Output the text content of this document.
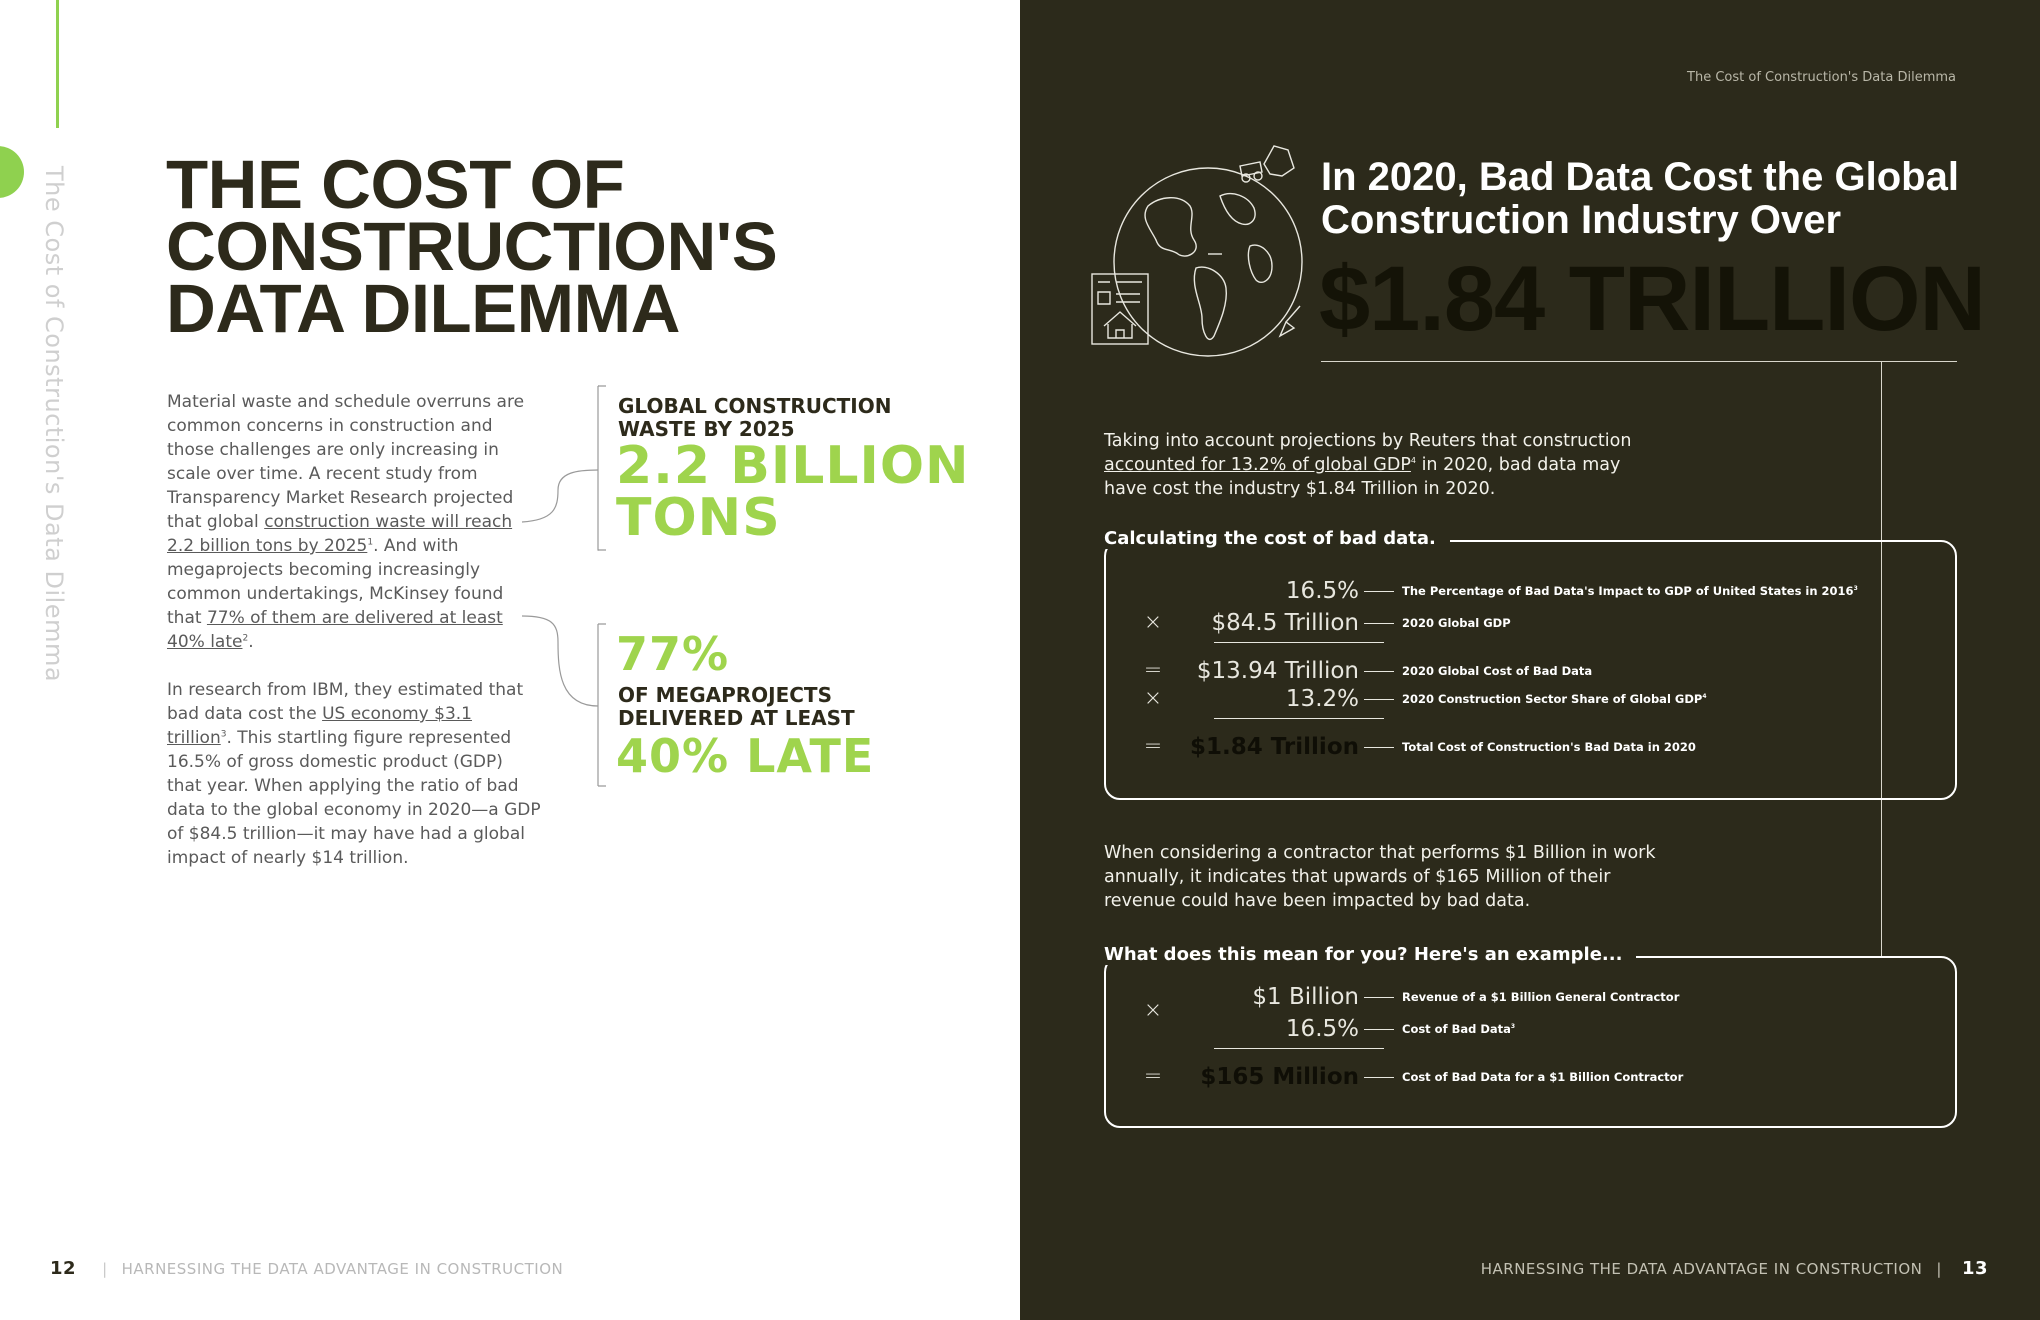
The Cost of Construction's Data Dilemma THE COST OF
CONSTRUCTION'S
DATA DILEMMA

Material waste and schedule overruns are common concerns in construction and those challenges are only increasing in scale over time. A recent study from Transparency Market Research projected that global construction waste will reach 2.2 billion tons by 2025$^1$. And with megaprojects becoming increasingly common undertakings, McKinsey found that 77% of them are delivered at least 40% late$^2$.

In research from IBM, they estimated that bad data cost the US economy $3.1 trillion$^3$. This startling figure represented 16.5% of gross domestic product (GDP) that year. When applying the ratio of bad data to the global economy in 2020—a GDP of $84.5 trillion—it may have had a global impact of nearly $14 trillion.

GLOBAL CONSTRUCTION
WASTE BY 2025
2.2 BILLION
TONS
77%
OF MEGAPROJECTS
DELIVERED AT LEAST
40% LATE
12 | HARNESSING THE DATA ADVANTAGE IN CONSTRUCTION
The Cost of Construction's Data Dilemma
In 2020, Bad Data Cost the Global Construction Industry Over
$1.84 TRILLION

Taking into account projections by Reuters that construction accounted for 13.2% of global GDP$^4$ in 2020, bad data may have cost the industry $1.84 Trillion in 2020.

Calculating the cost of bad data.
16.5%	The Percentage of Bad Data's Impact to GDP of United States in $2016^3$
× $84.5 Trillion	2020 Global GDP
= $13.94 Trillion	2020 Global Cost of Bad Data
×	13.2%	2020 Construction Sector Share of Global $GDP^4$
= $1.84 Trillion	Total Cost of Construction's Bad Data in 2020

When considering a contractor that performs $1 Billion in work annually, it indicates that upwards of $165 Million of their revenue could have been impacted by bad data.

What does this mean for you? Here's an example...
×
$1 Billion	Revenue of a $1 Billion General Contractor
16.5%	Cost of Bad Data$^3$
= $165 Million	Cost of Bad Data for a $1 Billion Contractor
HARNESSING THE DATA ADVANTAGE IN CONSTRUCTION | 13
